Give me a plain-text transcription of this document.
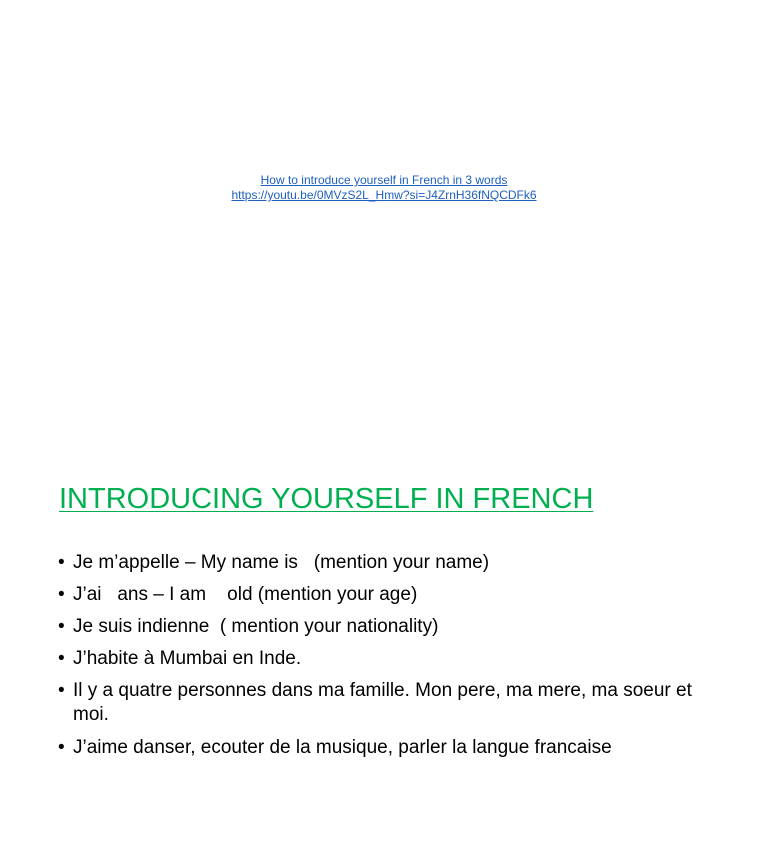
How to introduce yourself in French in 3 words
https://youtu.be/0MVzS2L_Hmw?si=J4ZrnH36fNQCDFk6
INTRODUCING YOURSELF IN FRENCH
• Je m’appelle – My name is   (mention your name)
• J’ai   ans – I am    old (mention your age)
• Je suis indienne  ( mention your nationality)
• J’habite à Mumbai en Inde.
• Il y a quatre personnes dans ma famille. Mon pere, ma mere, ma soeur et moi.
• J’aime danser, ecouter de la musique, parler la langue francaise
